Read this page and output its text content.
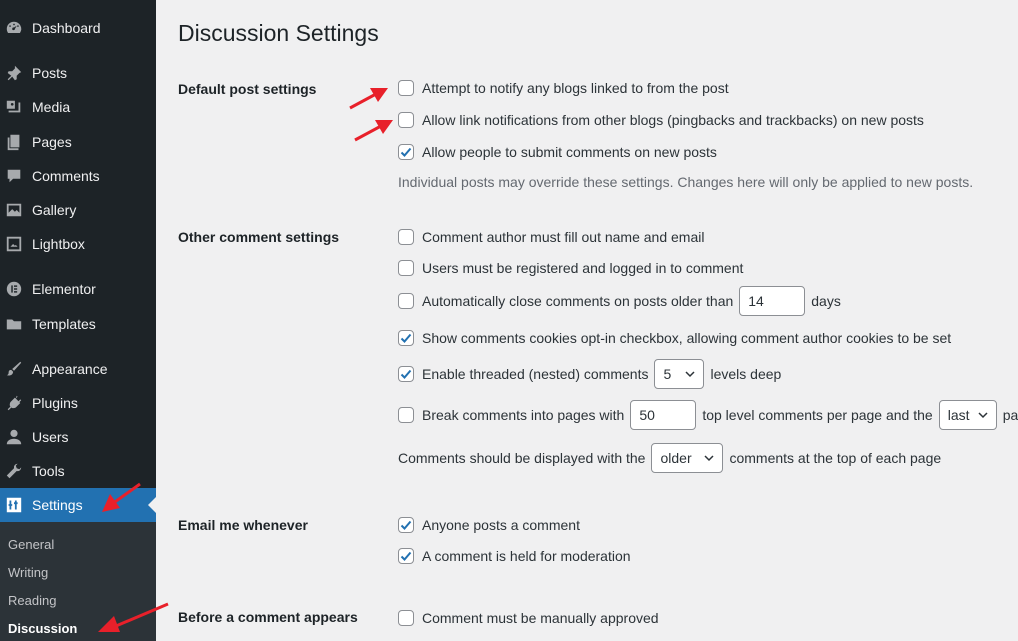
Dashboard
Posts
Media
Pages
Comments
Gallery
Lightbox
Elementor
Templates
Appearance
Plugins
Users
Tools
Settings
General
Writing
Reading
Discussion
Discussion Settings
Default post settings	Attempt to notify any blogs linked to from the post
Allow link notifications from other blogs (pingbacks and trackbacks) on new posts
Allow people to submit comments on new posts
Individual posts may override these settings. Changes here will only be applied to new posts.
Other comment settings	Comment author must fill out name and email
Users must be registered and logged in to comment
Automatically close comments on posts older than	14	days
Show comments cookies opt-in checkbox, allowing comment author cookies to be set
Enable threaded (nested) comments 5	levels deep
Break comments into pages with	50	top level comments per page and the last pa
Comments should be displayed with the older	comments at the top of each page
Email me whenever	Anyone posts a comment
A comment is held for moderation
Before a comment appears	Comment must be manually approved
